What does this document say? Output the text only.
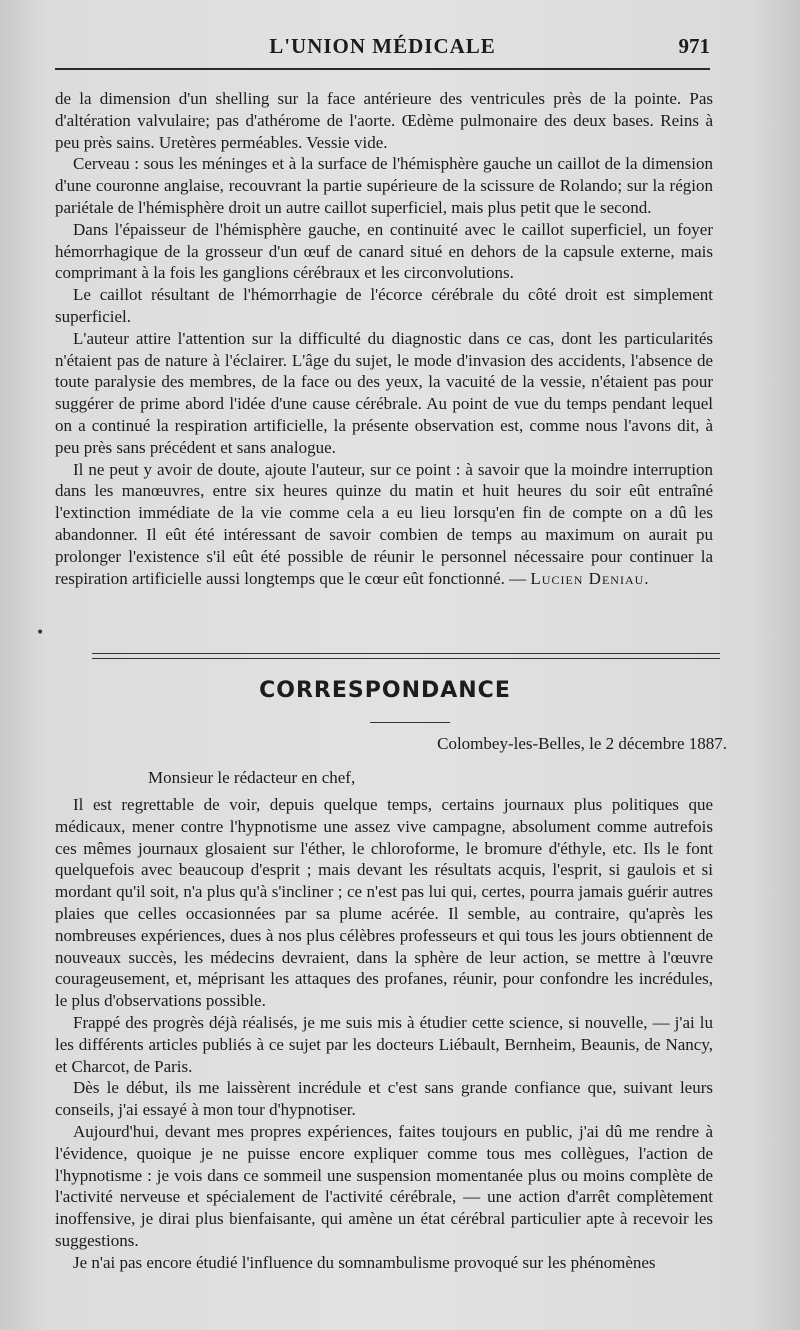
L'UNION MÉDICALE	971

de la dimension d'un shelling sur la face antérieure des ventricules près de la pointe. Pas d'altération valvulaire; pas d'athérome de l'aorte. Œdème pulmonaire des deux bases. Reins à peu près sains. Uretères perméables. Vessie vide.

Cerveau : sous les méninges et à la surface de l'hémisphère gauche un caillot de la dimension d'une couronne anglaise, recouvrant la partie supérieure de la scissure de Rolando; sur la région pariétale de l'hémisphère droit un autre caillot superficiel, mais plus petit que le second.

Dans l'épaisseur de l'hémisphère gauche, en continuité avec le caillot superficiel, un foyer hémorrhagique de la grosseur d'un œuf de canard situé en dehors de la capsule externe, mais comprimant à la fois les ganglions cérébraux et les circonvolutions.

Le caillot résultant de l'hémorrhagie de l'écorce cérébrale du côté droit est simplement superficiel.

L'auteur attire l'attention sur la difficulté du diagnostic dans ce cas, dont les particularités n'étaient pas de nature à l'éclairer. L'âge du sujet, le mode d'invasion des accidents, l'absence de toute paralysie des membres, de la face ou des yeux, la vacuité de la vessie, n'étaient pas pour suggérer de prime abord l'idée d'une cause cérébrale. Au point de vue du temps pendant lequel on a continué la respiration artificielle, la présente observation est, comme nous l'avons dit, à peu près sans précédent et sans analogue.

Il ne peut y avoir de doute, ajoute l'auteur, sur ce point : à savoir que la moindre interruption dans les manœuvres, entre six heures quinze du matin et huit heures du soir eût entraîné l'extinction immédiate de la vie comme cela a eu lieu lorsqu'en fin de compte on a dû les abandonner. Il eût été intéressant de savoir combien de temps au maximum on aurait pu prolonger l'existence s'il eût été possible de réunir le personnel nécessaire pour continuer la respiration artificielle aussi longtemps que le cœur eût fonctionné. — Lucien Deniau.

•
CORRESPONDANCE
Colombey-les-Belles, le 2 décembre 1887.
Monsieur le rédacteur en chef,

Il est regrettable de voir, depuis quelque temps, certains journaux plus politiques que médicaux, mener contre l'hypnotisme une assez vive campagne, absolument comme autrefois ces mêmes journaux glosaient sur l'éther, le chloroforme, le bromure d'éthyle, etc. Ils le font quelquefois avec beaucoup d'esprit ; mais devant les résultats acquis, l'esprit, si gaulois et si mordant qu'il soit, n'a plus qu'à s'incliner ; ce n'est pas lui qui, certes, pourra jamais guérir autres plaies que celles occasionnées par sa plume acérée. Il semble, au contraire, qu'après les nombreuses expériences, dues à nos plus célèbres professeurs et qui tous les jours obtiennent de nouveaux succès, les médecins devraient, dans la sphère de leur action, se mettre à l'œuvre courageusement, et, méprisant les attaques des profanes, réunir, pour confondre les incrédules, le plus d'observations possible.

Frappé des progrès déjà réalisés, je me suis mis à étudier cette science, si nouvelle, — j'ai lu les différents articles publiés à ce sujet par les docteurs Liébault, Bernheim, Beaunis, de Nancy, et Charcot, de Paris.

Dès le début, ils me laissèrent incrédule et c'est sans grande confiance que, suivant leurs conseils, j'ai essayé à mon tour d'hypnotiser.

Aujourd'hui, devant mes propres expériences, faites toujours en public, j'ai dû me rendre à l'évidence, quoique je ne puisse encore expliquer comme tous mes collègues, l'action de l'hypnotisme : je vois dans ce sommeil une suspension momentanée plus ou moins complète de l'activité nerveuse et spécialement de l'activité cérébrale, — une action d'arrêt complètement inoffensive, je dirai plus bienfaisante, qui amène un état cérébral particulier apte à recevoir les suggestions.

Je n'ai pas encore étudié l'influence du somnambulisme provoqué sur les phénomènes
